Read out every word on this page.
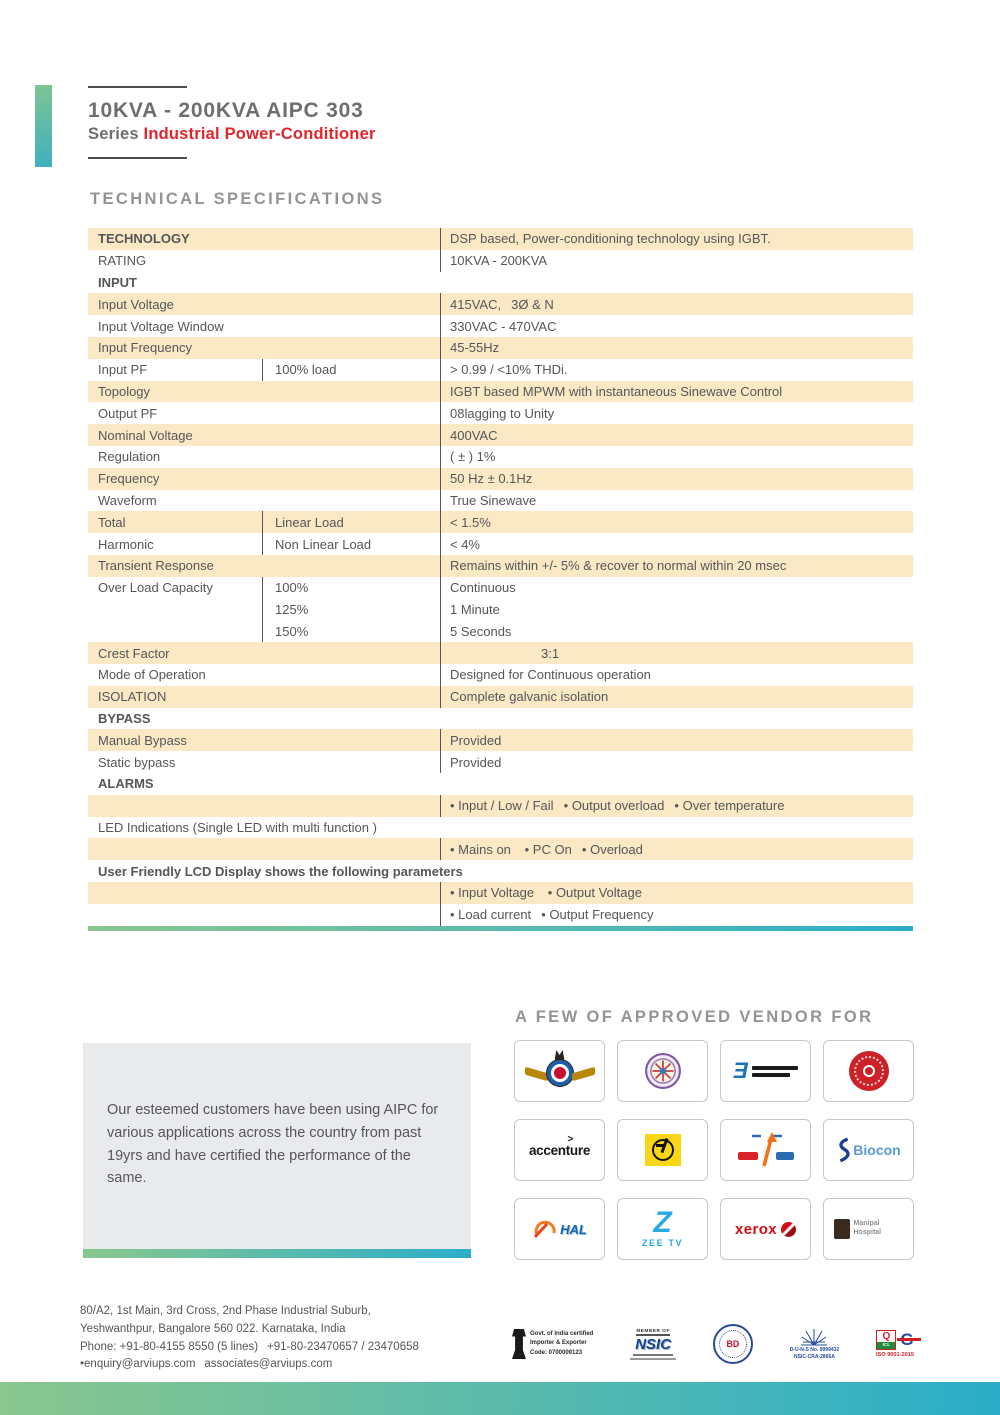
10KVA - 200KVA AIPC 303
Series Industrial Power-Conditioner
TECHNICAL SPECIFICATIONS
TECHNOLOGY	DSP based, Power-conditioning technology using IGBT.
RATING	10KVA - 200KVA
INPUT
Input Voltage	415VAC,  3Ø & N
Input Voltage Window	330VAC - 470VAC
Input Frequency	45-55Hz
Input PF	100% load	> 0.99 / <10% THDi.
Topology	IGBT based MPWM with instantaneous Sinewave Control
Output PF	08lagging to Unity
Nominal Voltage	400VAC
Regulation	( ± ) 1%
Frequency	50 Hz ± 0.1Hz
Waveform	True Sinewave
Total	Linear Load	< 1.5%
Harmonic	Non Linear Load	< 4%
Transient Response	Remains within +/- 5% & recover to normal within 20 msec
Over Load Capacity	100%	Continuous
125%	1 Minute
150%	5 Seconds
Crest Factor	3:1
Mode of Operation	Designed for Continuous operation
ISOLATION	Complete galvanic isolation
BYPASS
Manual Bypass	Provided
Static bypass	Provided
ALARMS
• Input / Low / Fail  • Output overload  • Over temperature
LED Indications (Single LED with multi function )
• Mains on   • PC On  • Overload
User Friendly LCD Display shows the following parameters
• Input Voltage   • Output Voltage
• Load current  • Output Frequency

Our esteemed customers have been using AIPC for various applications across the country from past 19yrs and have certified the performance of the same.

A FEW OF APPROVED VENDOR FOR
Ǝ
>
accenture	Biocon
HAL Z
ZEE TV
xerox	Manipal Hospital
80/A2, 1st Main, 3rd Cross, 2nd Phase Industrial Suburb,
Yeshwanthpur, Bangalore 560 022. Karnataka, India
Phone: +91-80-4155 8550 (5 lines)  +91-80-23470657 / 23470658
•enquiry@arviups.com  associates@arviups.com
Govt. of India certified
Importer & Exporter
Code: 0700009123
MEMBER OF
NSIC	BD
D-U-N-S No. 9999432
NSIC-CRA-2865A
Q
ICL
ISO 9001-2015
